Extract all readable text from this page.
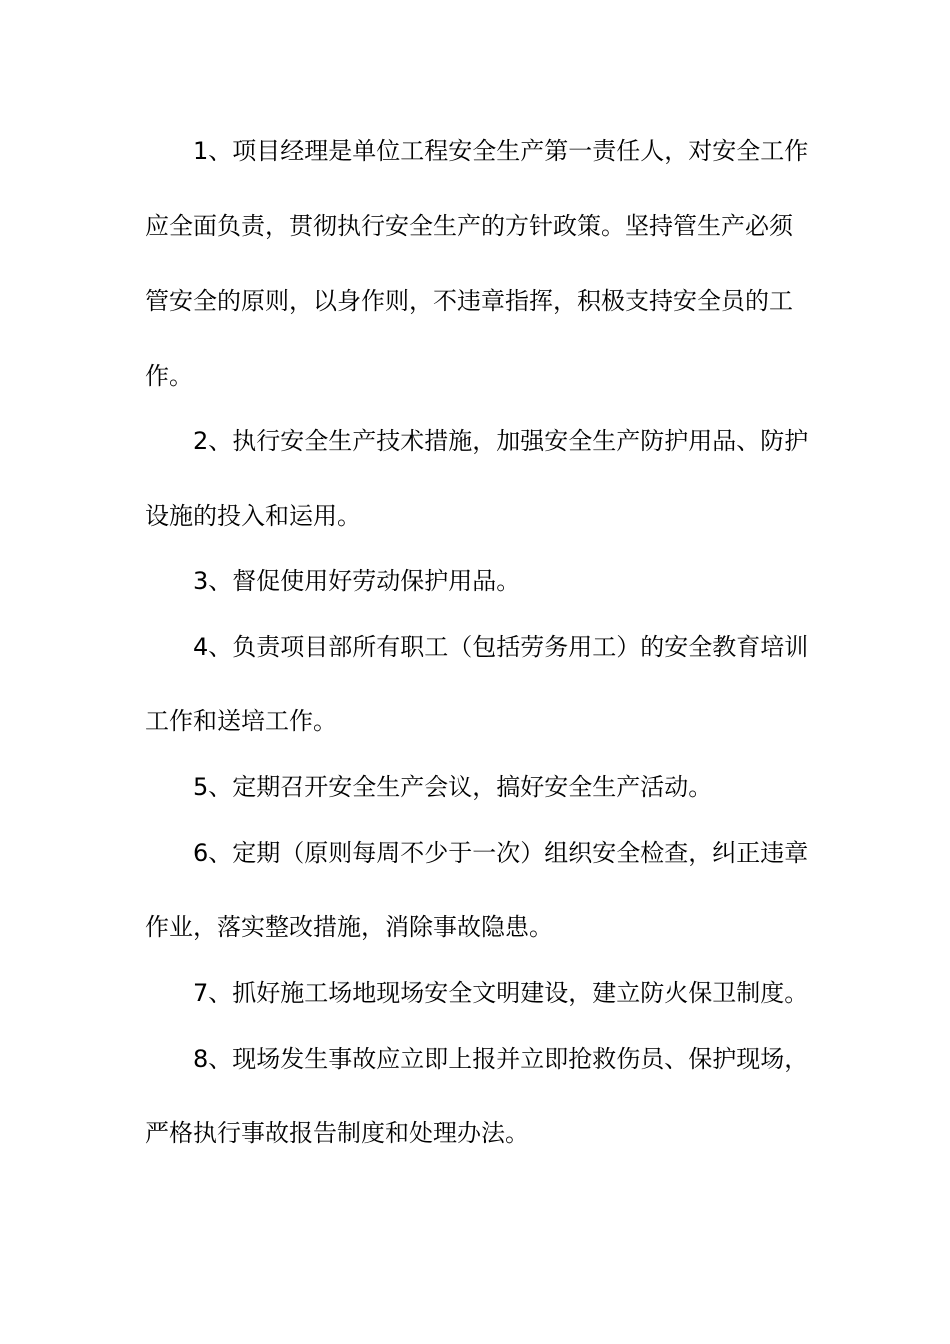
1、项目经理是单位工程安全生产第一责任人，对安全工作
应全面负责，贯彻执行安全生产的方针政策。坚持管生产必须
管安全的原则，以身作则，不违章指挥，积极支持安全员的工
作。
2、执行安全生产技术措施，加强安全生产防护用品、防护
设施的投入和运用。
3、督促使用好劳动保护用品。
4、负责项目部所有职工（包括劳务用工）的安全教育培训
工作和送培工作。
5、定期召开安全生产会议，搞好安全生产活动。
6、定期（原则每周不少于一次）组织安全检查，纠正违章
作业，落实整改措施，消除事故隐患。
7、抓好施工场地现场安全文明建设，建立防火保卫制度。
8、现场发生事故应立即上报并立即抢救伤员、保护现场，
严格执行事故报告制度和处理办法。
